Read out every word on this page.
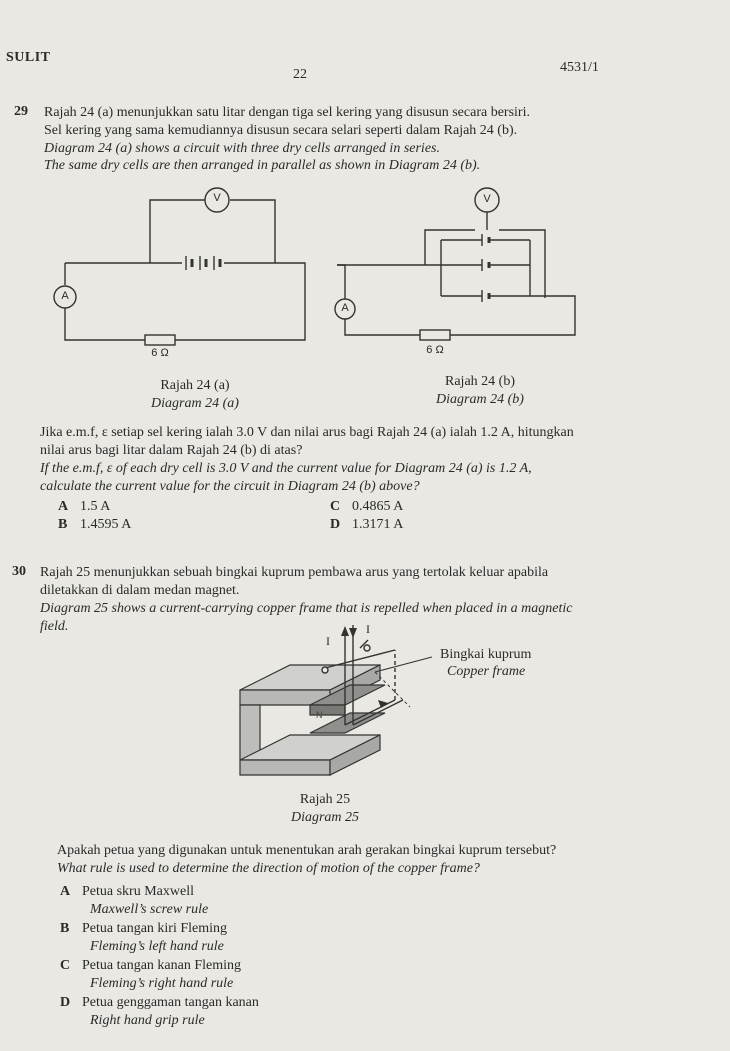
SULIT
22	4531/1
29 Rajah 24 (a) menunjukkan satu litar dengan tiga sel kering yang disusun secara bersiri.
Sel kering yang sama kemudiannya disusun secara selari seperti dalam Rajah 24 (b).
Diagram 24 (a) shows a circuit with three dry cells arranged in series.
The same dry cells are then arranged in parallel as shown in Diagram 24 (b).
V
A
6 Ω
V
A
6 Ω
Rajah 24 (a)
Diagram 24 (a)
Rajah 24 (b)
Diagram 24 (b)
Jika e.m.f, ε setiap sel kering ialah 3.0 V dan nilai arus bagi Rajah 24 (a) ialah 1.2 A, hitungkan
nilai arus bagi litar dalam Rajah 24 (b) di atas?
If the e.m.f, ε of each dry cell is 3.0 V and the current value for Diagram 24 (a) is 1.2 A,
calculate the current value for the circuit in Diagram 24 (b) above?
A 1.5 A
B 1.4595 A
C 0.4865 A
D 1.3171 A
30 Rajah 25 menunjukkan sebuah bingkai kuprum pembawa arus yang tertolak keluar apabila
diletakkan di dalam medan magnet.
Diagram 25 shows a current-carrying copper frame that is repelled when placed in a magnetic
field.
I
I
N
Bingkai kuprum
Copper frame
Rajah 25
Diagram 25
Apakah petua yang digunakan untuk menentukan arah gerakan bingkai kuprum tersebut?
What rule is used to determine the direction of motion of the copper frame?
A Petua skru Maxwell
Maxwell’s screw rule
B Petua tangan kiri Fleming
Fleming’s left hand rule
C Petua tangan kanan Fleming
Fleming’s right hand rule
D Petua genggaman tangan kanan
Right hand grip rule
